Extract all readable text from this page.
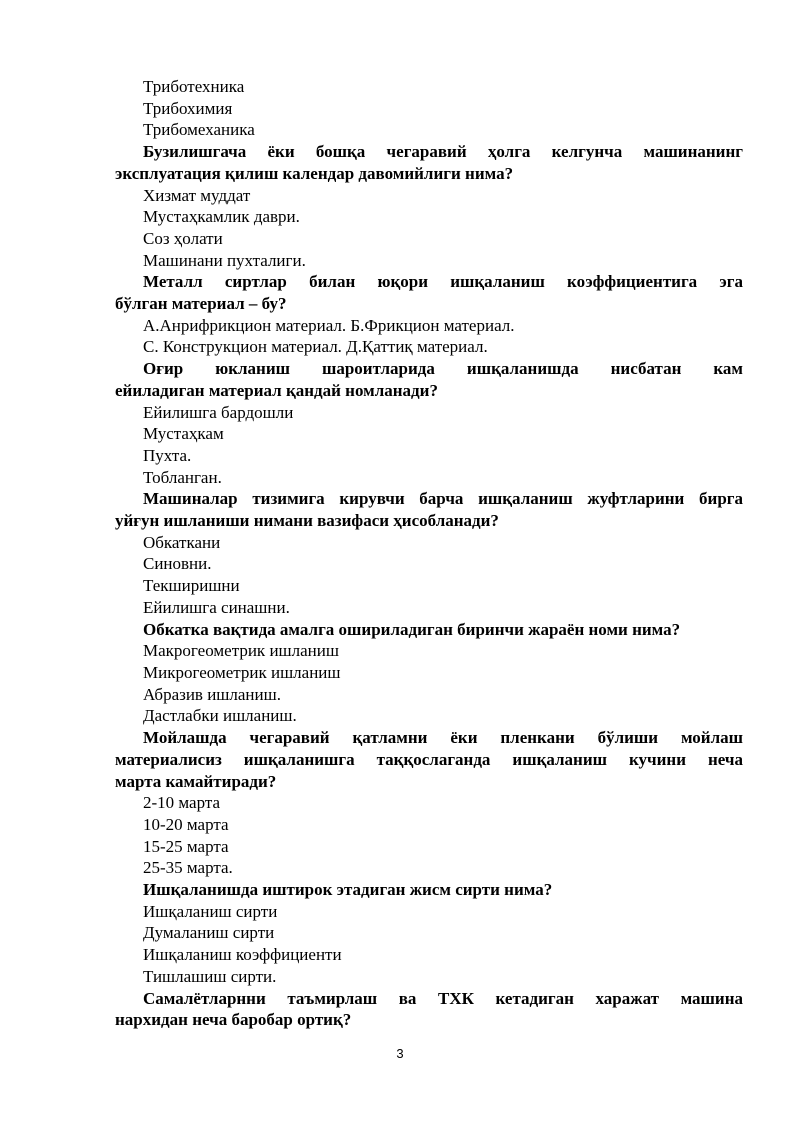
Триботехника
Трибохимия
Трибомеханика
Бузилишгача ёки бошқа чегаравий ҳолга келгунча машинанинг
эксплуатация қилиш календар давомийлиги нима?
Хизмат муддат
Мустаҳкамлик даври.
Соз ҳолати
Машинани пухталиги.
Металл сиртлар билан юқори ишқаланиш коэффициентига эга
бўлган материал – бу?
А.Анрифрикцион материал. Б.Фрикцион материал.
С. Конструкцион материал. Д.Қаттиқ материал.
Оғир юкланиш шароитларида ишқаланишда нисбатан кам
ейиладиган материал қандай номланади?
Ейилишга бардошли
Мустаҳкам
Пухта.
Тобланган.
Машиналар тизимига кирувчи барча ишқаланиш жуфтларини бирга
уйғун ишланиши нимани вазифаси ҳисобланади?
Обкаткани
Синовни.
Текширишни
Ейилишга синашни.
Обкатка вақтида амалга ошириладиган биринчи жараён номи нима?
Макрогеометрик ишланиш
Микрогеометрик ишланиш
Абразив ишланиш.
Дастлабки ишланиш.
Мойлашда чегаравий қатламни ёки пленкани бўлиши мойлаш
материалисиз ишқаланишга таққослаганда ишқаланиш кучини неча
марта камайтиради?
2-10 марта
10-20 марта
15-25 марта
25-35 марта.
Ишқаланишда иштирок этадиган жисм сирти нима?
Ишқаланиш сирти
Думаланиш сирти
Ишқаланиш коэффициенти
Тишлашиш сирти.
Самалётларнни таъмирлаш ва ТХК кетадиган харажат машина
нархидан неча баробар ортиқ?
3
